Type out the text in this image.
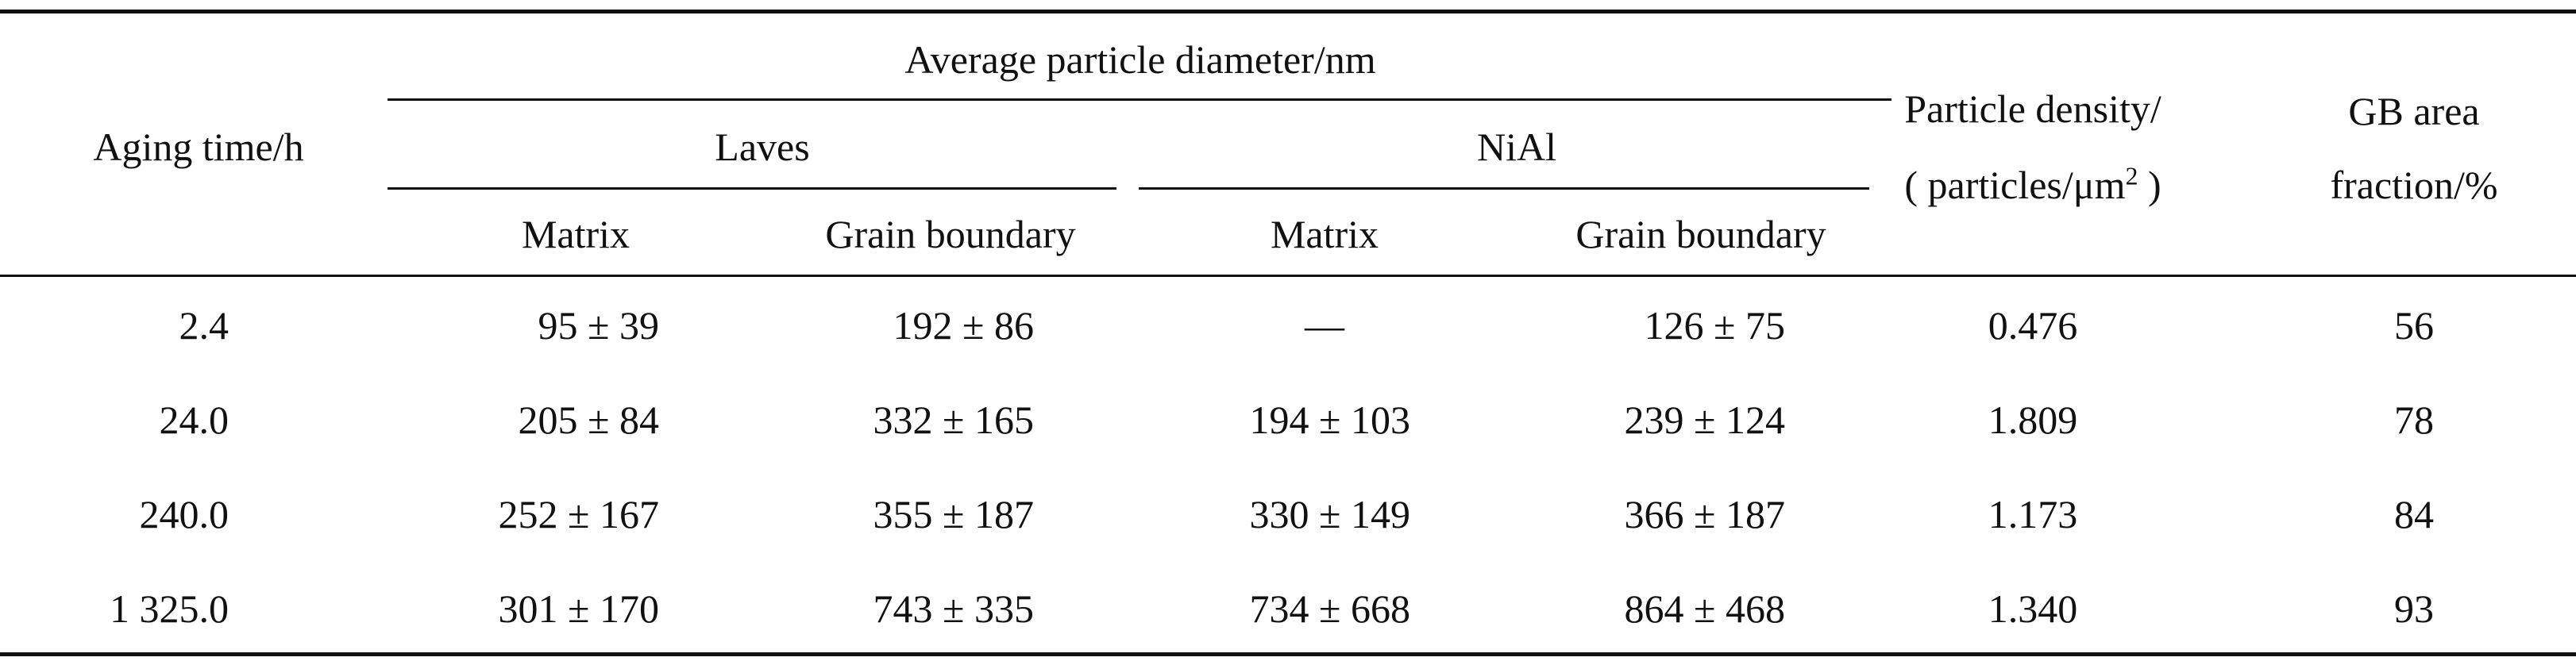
Aging time/h
Average particle diameter/nm
Laves	NiAl
Matrix	Grain boundary	Matrix	Grain boundary
Particle density/
( particles/$\mu m^2$ )
GB area
fraction/%
2.4	95 ± 39	192 ± 86	—	126 ± 75	0.476	56
24.0	205 ± 84	332 ± 165	194 ± 103	239 ± 124	1.809	78
240.0	252 ± 167	355 ± 187	330 ± 149	366 ± 187	1.173	84
1 325.0	301 ± 170	743 ± 335	734 ± 668	864 ± 468	1.340	93
